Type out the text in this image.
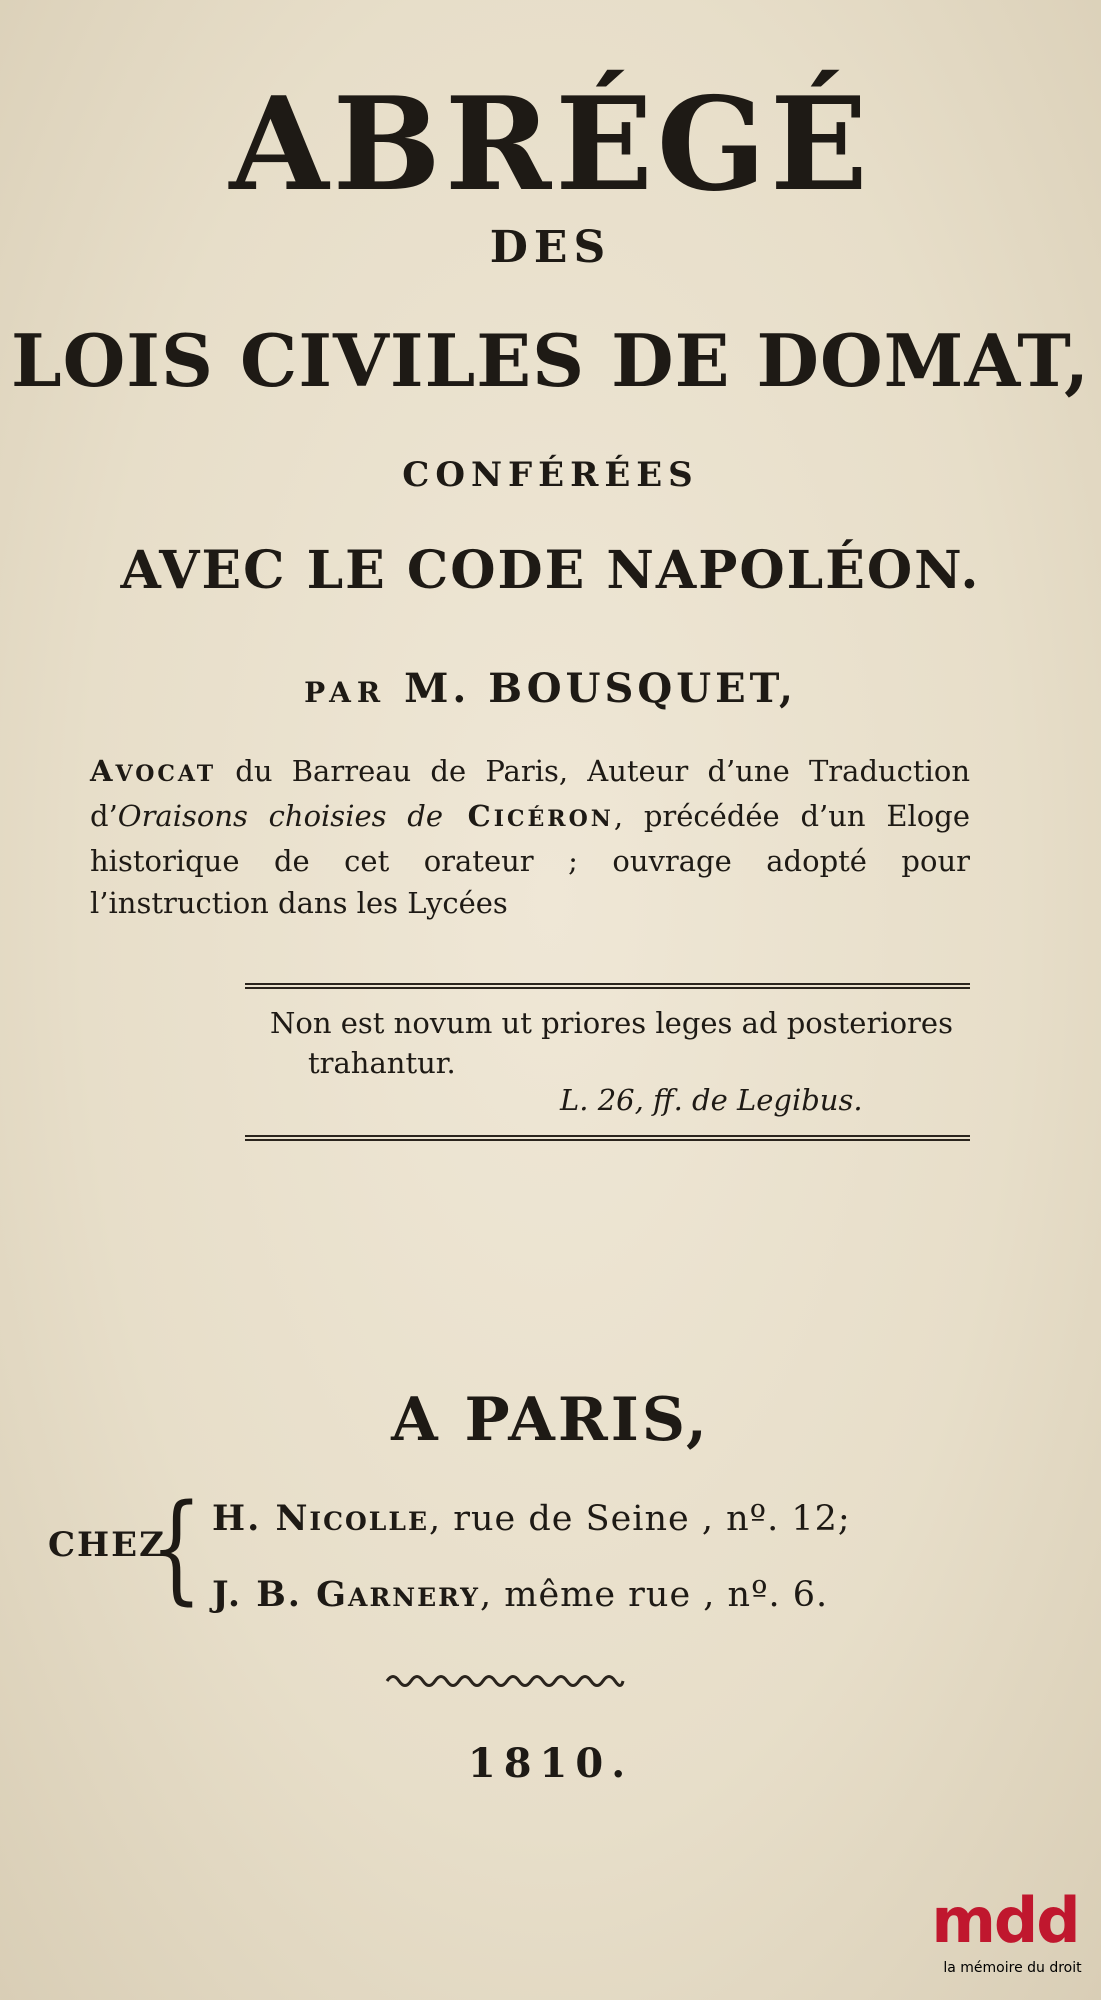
ABRÉGÉ
DES
LOIS CIVILES DE DOMAT,
CONFÉRÉES
AVEC LE CODE NAPOLÉON.
PAR M. BOUSQUET,
AVOCAT du Barreau de Paris, Auteur d’une Traduction d’Oraisons choisies de CICÉRON, précédée d’un Eloge historique de cet orateur ; ouvrage adopté pour l’instruction dans les Lycées
Non est novum ut priores leges ad posteriores
trahantur.
L. 26, ff. de Legibus.
A PARIS,
CHEZ
{ H. Nicolle, rue de Seine , nº. 12;
J. B. Garnery, même rue , nº. 6.
1810.
mdd
la mémoire du droit
